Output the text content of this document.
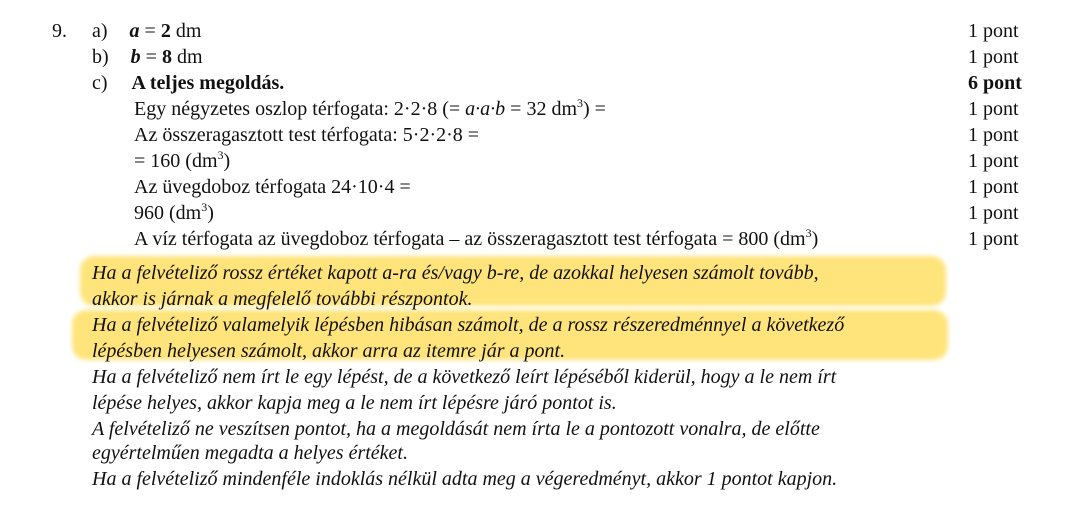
9. a) a = 2 dm	1 pont
b) b = 8 dm	1 pont
c) A teljes megoldás.	6 pont
Egy négyzetes oszlop térfogata: 2·2·8 (= a·a·b = 32 $dm^3$) =	1 pont
Az összeragasztott test térfogata: 5·2·2·8 =	1 pont
= 160 $(dm^3)$	1 pont
Az üvegdoboz térfogata 24·10·4 =	1 pont
960 $(dm^3)$	1 pont
A víz térfogata az üvegdoboz térfogata – az összeragasztott test térfogata = 800 $(dm^3)$	1 pont
Ha a felvételiző rossz értéket kapott a-ra és/vagy b-re, de azokkal helyesen számolt tovább,
akkor is járnak a megfelelő további részpontok.
Ha a felvételiző valamelyik lépésben hibásan számolt, de a rossz részeredménnyel a következő
lépésben helyesen számolt, akkor arra az itemre jár a pont.
Ha a felvételiző nem írt le egy lépést, de a következő leírt lépéséből kiderül, hogy a le nem írt
lépése helyes, akkor kapja meg a le nem írt lépésre járó pontot is.
A felvételiző ne veszítsen pontot, ha a megoldását nem írta le a pontozott vonalra, de előtte
egyértelműen megadta a helyes értéket.
Ha a felvételiző mindenféle indoklás nélkül adta meg a végeredményt, akkor 1 pontot kapjon.
